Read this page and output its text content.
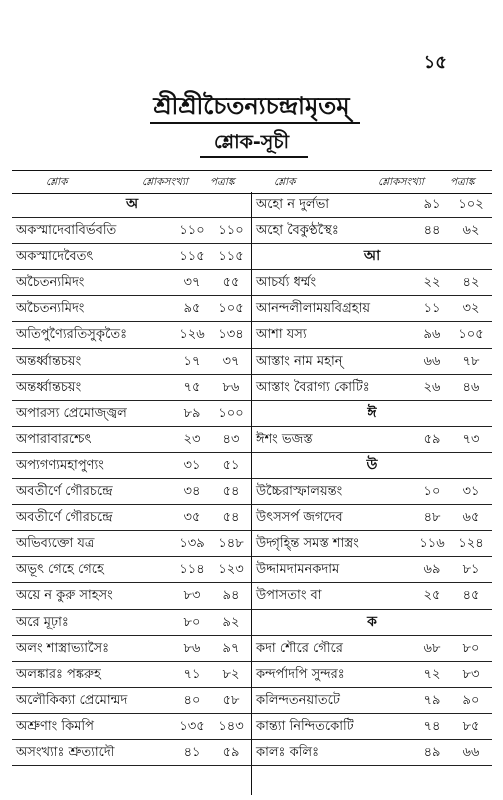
১৫
শ্রীশ্রীচৈতন্যচন্দ্রামৃতম্
শ্লোক-সূচী
শ্লোক	শ্লোকসংখ্যা পত্রাঙ্ক	শ্লোক	শ্লোকসংখ্যা পত্রাঙ্ক
অ
অকস্মাদেবাবির্ভবতি	১১০ ১১০
অকস্মাদেবৈতৎ	১১৫ ১১৫
অচৈতন্যমিদং	৩৭	৫৫
অচৈতন্যমিদং	৯৫	১০৫
অতিপুণ্যৈরতিসুকৃতৈঃ	১২৬ ১৩৪
অন্তর্ধ্বান্তচয়ং	১৭	৩৭
অন্তর্ধ্বান্তচয়ং	৭৫	৮৬
অপারস্য প্রেমোজ্জ্বল	৮৯	১০০
অপারাবারশ্চেৎ	২৩	৪৩
অপ্যগণ্যমহাপুণ্যং	৩১	৫১
অবতীর্ণে গৌরচন্দ্রে	৩৪	৫৪
অবতীর্ণে গৌরচন্দ্রে	৩৫	৫৪
অভিব্যক্তো যত্র	১৩৯ ১৪৮
অভূৎ গেহে গেহে	১১৪ ১২৩
অয়ে ন কুরু সাহসং	৮৩	৯৪
অরে মূঢ়াঃ	৮০	৯২
অলং শাস্ত্রাভ্যাসৈঃ	৮৬	৯৭
অলঙ্কারঃ পঙ্করুহ	৭১	৮২
অলৌকিক্যা প্রেমোন্মদ	৪০	৫৮
অশ্রুণাং কিমপি	১৩৫ ১৪৩
অসংখ্যাঃ শ্রুত্যাদৌ	৪১	৫৯
অহো ন দুর্লভা	৯১	১০২
অহো বৈকুণ্ঠস্থৈঃ	৪৪	৬২
আ
আচর্য্য ধর্ম্মং	২২	৪২
আনন্দলীলাময়বিগ্রহায়	১১	৩২
আশা যস্য	৯৬	১০৫
আস্তাং নাম মহান্	৬৬	৭৮
আস্তাং বৈরাগ্য কোটিঃ	২৬	৪৬
ঈ
ঈশং ভজস্ত	৫৯	৭৩
উ
উচ্চৈরাস্ফালয়ন্তং	১০	৩১
উৎসসর্প জগদেব	৪৮	৬৫
উদ্গৃহ্ন্তি সমস্ত শাস্ত্রং	১১৬ ১২৪
উদ্দামদামনকদাম	৬৯	৮১
উপাসতাং বা	২৫	৪৫
ক
কদা শৌরে গৌরে	৬৮	৮০
কন্দর্পাদপি সুন্দরঃ	৭২	৮৩
কলিন্দতনয়াতটে	৭৯	৯০
কান্ত্যা নিন্দিতকোটি	৭৪	৮৫
কালঃ কলিঃ	৪৯	৬৬
